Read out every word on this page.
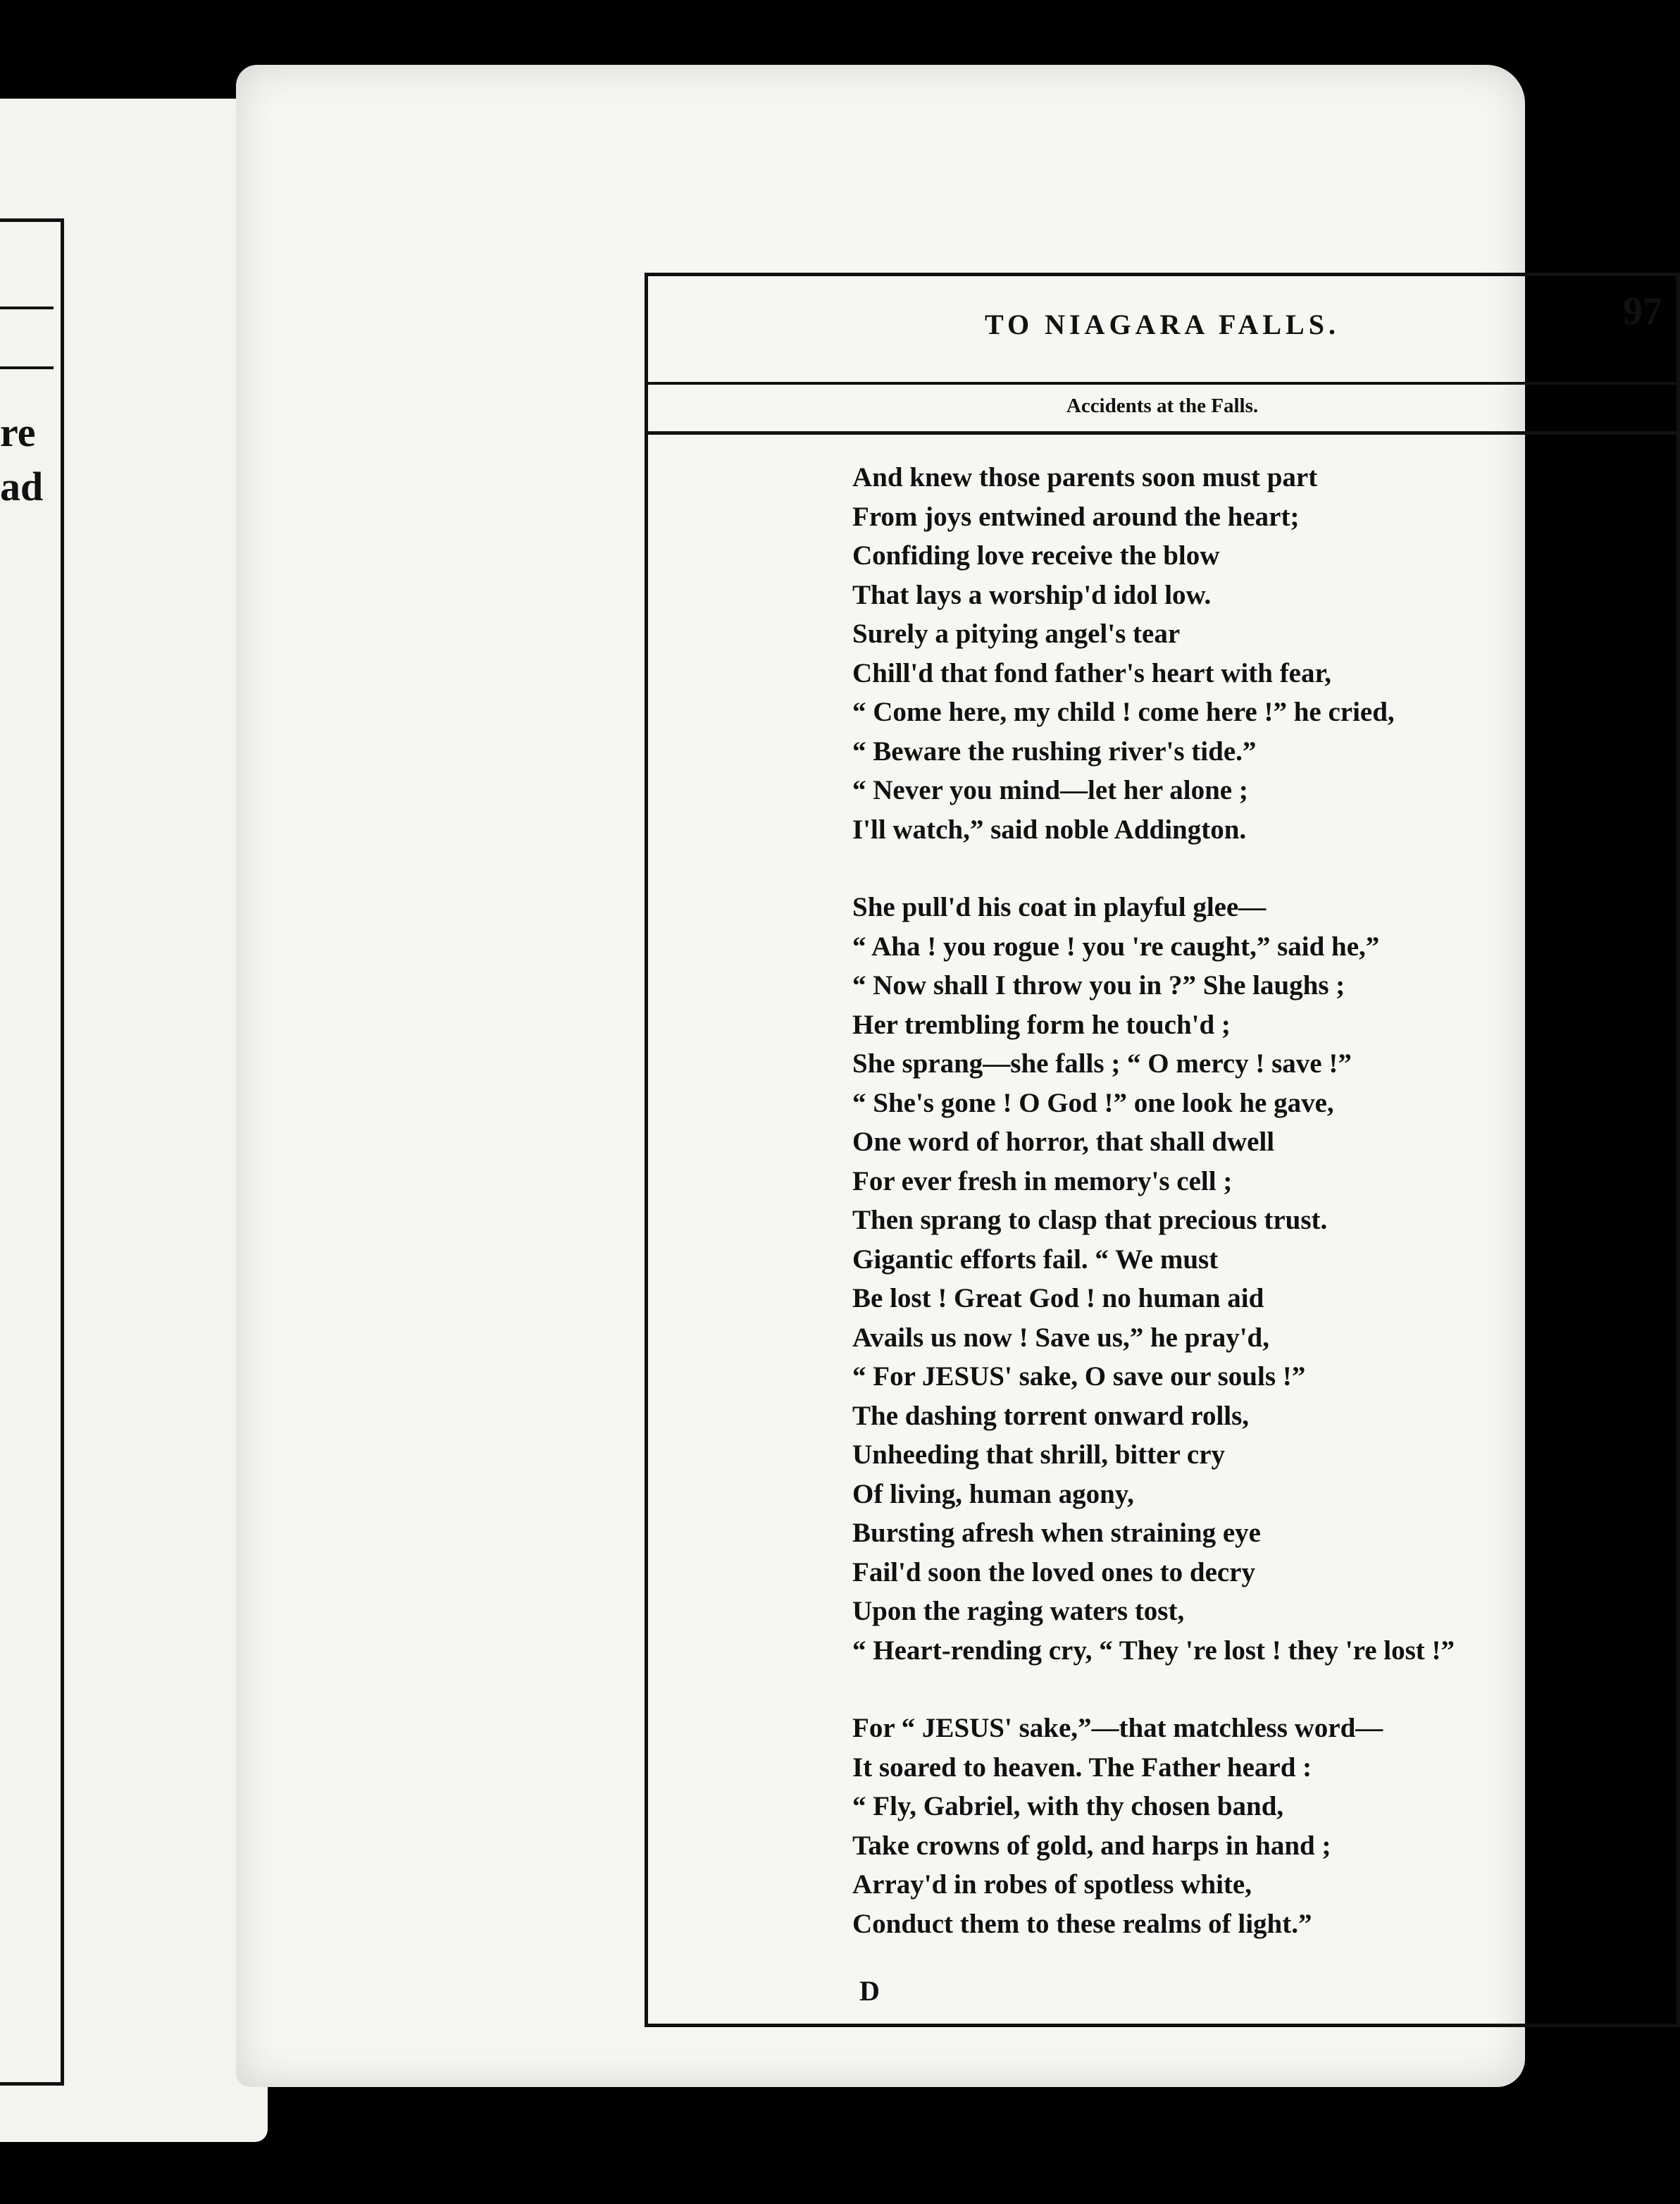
re
ad
TO NIAGARA FALLS.	97
Accidents at the Falls.
And knew those parents soon must part
From joys entwined around the heart;
Confiding love receive the blow
That lays a worship'd idol low.
Surely a pitying angel's tear
Chill'd that fond father's heart with fear,
“ Come here, my child ! come here !” he cried,
“ Beware the rushing river's tide.”
“ Never you mind—let her alone ;
I'll watch,” said noble Addington.
She pull'd his coat in playful glee—
“ Aha ! you rogue ! you 're caught,” said he,”
“ Now shall I throw you in ?” She laughs ;
Her trembling form he touch'd ;
She sprang—she falls ; “ O mercy ! save !”
“ She's gone ! O God !” one look he gave,
One word of horror, that shall dwell
For ever fresh in memory's cell ;
Then sprang to clasp that precious trust.
Gigantic efforts fail. “ We must
Be lost ! Great God ! no human aid
Avails us now ! Save us,” he pray'd,
“ For JESUS' sake, O save our souls !”
The dashing torrent onward rolls,
Unheeding that shrill, bitter cry
Of living, human agony,
Bursting afresh when straining eye
Fail'd soon the loved ones to decry
Upon the raging waters tost,
“ Heart-rending cry, “ They 're lost ! they 're lost !”
For “ JESUS' sake,”—that matchless word—
It soared to heaven. The Father heard :
“ Fly, Gabriel, with thy chosen band,
Take crowns of gold, and harps in hand ;
Array'd in robes of spotless white,
Conduct them to these realms of light.”
D
